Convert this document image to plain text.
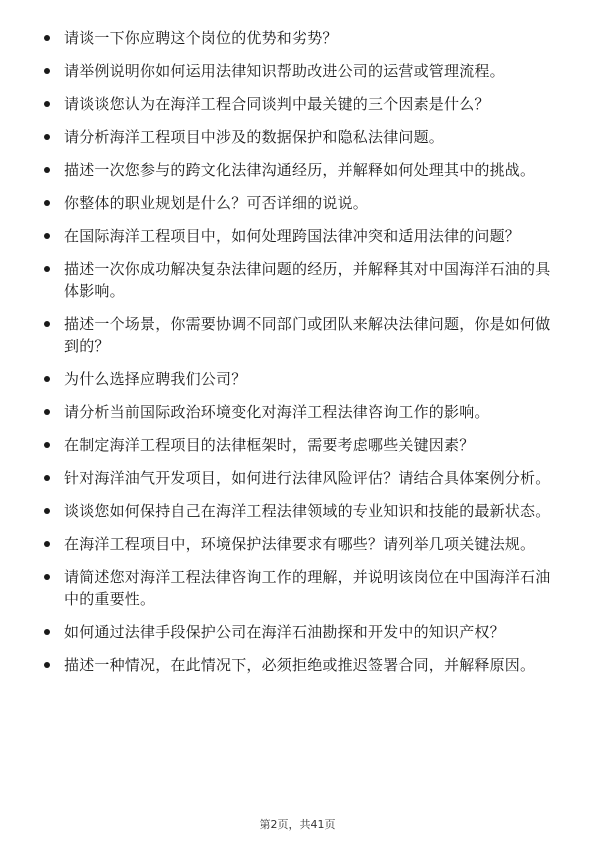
请谈一下你应聘这个岗位的优势和劣势？
请举例说明你如何运用法律知识帮助改进公司的运营或管理流程。
请谈谈您认为在海洋工程合同谈判中最关键的三个因素是什么？
请分析海洋工程项目中涉及的数据保护和隐私法律问题。
描述一次您参与的跨文化法律沟通经历，并解释如何处理其中的挑战。
你整体的职业规划是什么？可否详细的说说。
在国际海洋工程项目中，如何处理跨国法律冲突和适用法律的问题？
描述一次你成功解决复杂法律问题的经历，并解释其对中国海洋石油的具体影响。
描述一个场景，你需要协调不同部门或团队来解决法律问题，你是如何做到的？
为什么选择应聘我们公司？
请分析当前国际政治环境变化对海洋工程法律咨询工作的影响。
在制定海洋工程项目的法律框架时，需要考虑哪些关键因素？
针对海洋油气开发项目，如何进行法律风险评估？请结合具体案例分析。
谈谈您如何保持自己在海洋工程法律领域的专业知识和技能的最新状态。
在海洋工程项目中，环境保护法律要求有哪些？请列举几项关键法规。
请简述您对海洋工程法律咨询工作的理解，并说明该岗位在中国海洋石油中的重要性。
如何通过法律手段保护公司在海洋石油勘探和开发中的知识产权？
描述一种情况，在此情况下，必须拒绝或推迟签署合同，并解释原因。
第2页，共41页
